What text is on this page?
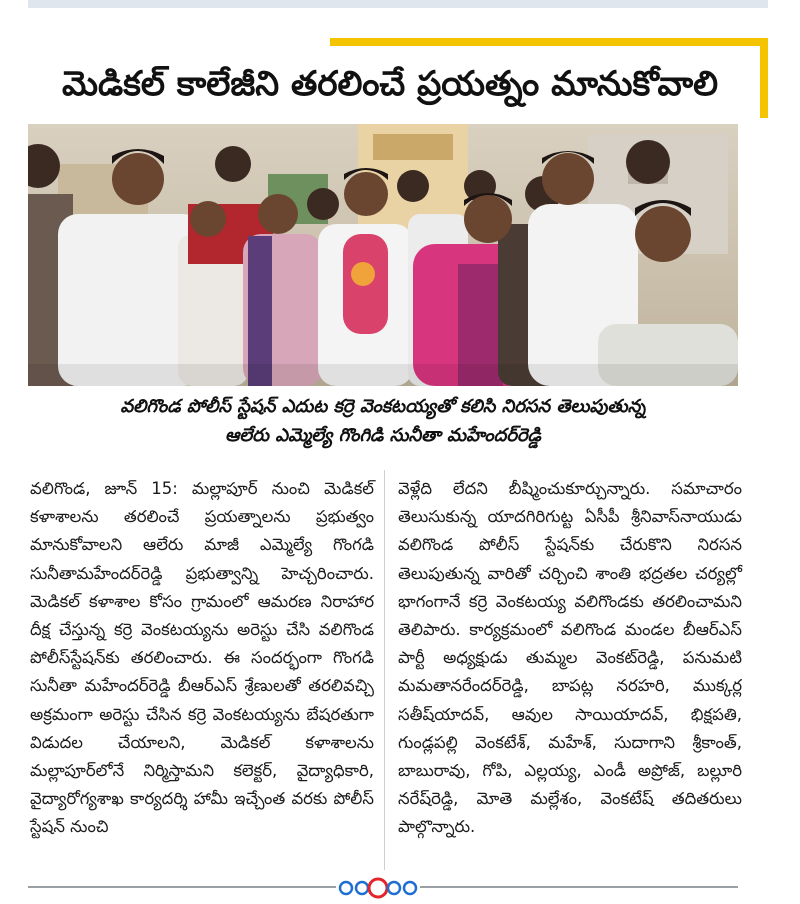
మెడికల్ కాలేజీని తరలించే ప్రయత్నం మానుకోవాలి
వలిగొండ పోలీస్ స్టేషన్ ఎదుట కర్రె వెంకటయ్యతో కలిసి నిరసన తెలుపుతున్న
ఆలేరు ఎమ్మెల్యే గొంగిడి సునీతా మహేందర్‌రెడ్డి
వలిగొండ, జూన్ 15: మల్లాపూర్ నుంచి మెడికల్ కళాశాలను తరలించే ప్రయత్నాలను ప్రభుత్వం మానుకోవాలని ఆలేరు మాజీ ఎమ్మెల్యే గొంగడి సునీతామహేందర్‌రెడ్డి ప్రభుత్వాన్ని హెచ్చరించారు. మెడికల్ కళాశాల కోసం గ్రామంలో ఆమరణ నిరాహార దీక్ష చేస్తున్న కర్రె వెంకటయ్యను అరెస్టు చేసి వలిగొండ పోలీస్‌స్టేషన్‌కు తరలించారు. ఈ సందర్భంగా గొంగడి సునీతా మహేందర్‌రెడ్డి బీఆర్‌ఎస్ శ్రేణులతో తరలివచ్చి అక్రమంగా అరెస్టు చేసిన కర్రె వెంకటయ్యను బేషరతుగా విడుదల చేయాలని, మెడికల్ కళాశాలను మల్లాపూర్‌లోనే నిర్మిస్తామని కలెక్టర్, వైద్యాధికారి, వైద్యారోగ్యశాఖ కార్యదర్శి హామీ ఇచ్చేంత వరకు పోలీస్ స్టేషన్ నుంచి
వెళ్లేది లేదని బీష్మించుకూర్చున్నారు. సమాచారం తెలుసుకున్న యాదగిరిగుట్ట ఏసీపీ శ్రీనివాస్‌నాయుడు వలిగొండ పోలీస్ స్టేషన్‌కు చేరుకొని నిరసన తెలుపుతున్న వారితో చర్చించి శాంతి భద్రతల చర్యల్లో భాగంగానే కర్రె వెంకటయ్య వలిగొండకు తరలించామని తెలిపారు. కార్యక్రమంలో వలిగొండ మండల బీఆర్‌ఎస్ పార్టీ అధ్యక్షుడు తుమ్మల వెంకట్‌రెడ్డి, పనుమటి మమతానరేందర్‌రెడ్డి, బాపట్ల నరహరి, ముక్కర్ల సతీష్‌యాదవ్, ఆవుల సాయియాదవ్, భిక్షపతి, గుండ్లపల్లి వెంకటేశ్, మహేశ్, సుదాగాని శ్రీకాంత్, బాబురావు, గోపి, ఎల్లయ్య, ఎండీ అప్రోజ్, బల్లూరి నరేష్‌రెడ్డి, మోతె మల్లేశం, వెంకటేష్ తదితరులు పాల్గొన్నారు.
